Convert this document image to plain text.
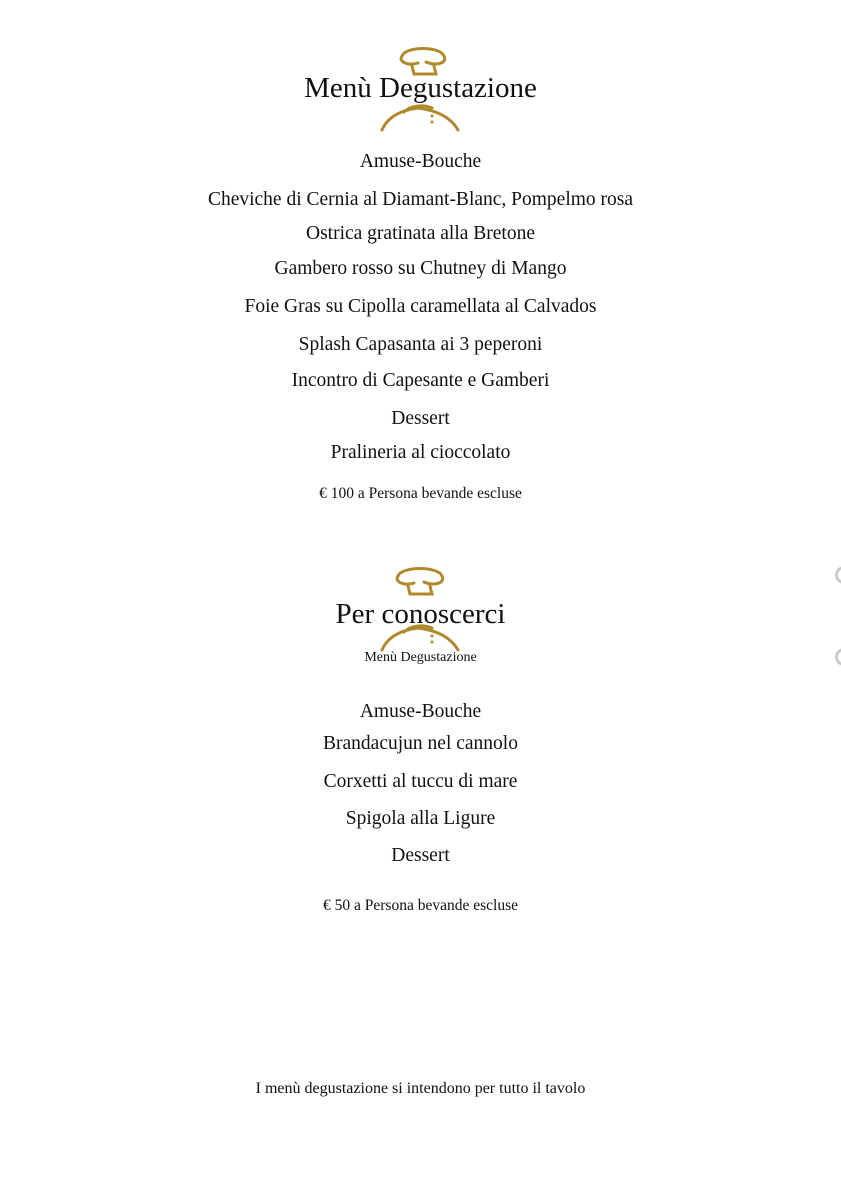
Menù Degustazione
Amuse-Bouche
Cheviche di Cernia al Diamant-Blanc, Pompelmo rosa
Ostrica gratinata alla Bretone
Gambero rosso su Chutney di Mango
Foie Gras su Cipolla caramellata al Calvados
Splash Capasanta ai 3 peperoni
Incontro di Capesante e Gamberi
Dessert
Pralineria al cioccolato
€ 100 a Persona bevande escluse
Per conoscerci
Menù Degustazione
Amuse-Bouche
Brandacujun nel cannolo
Corxetti al tuccu di mare
Spigola alla Ligure
Dessert
€ 50 a Persona bevande escluse
I menù degustazione si intendono per tutto il tavolo
